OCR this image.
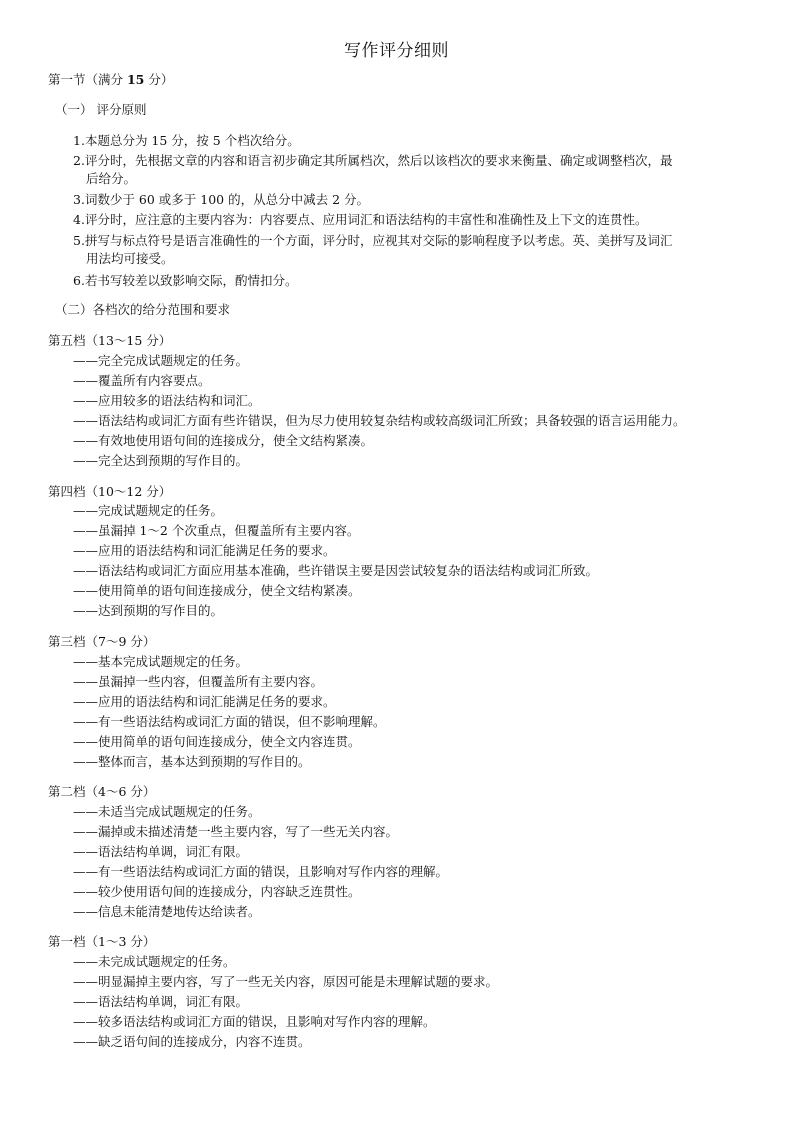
写作评分细则
第一节（满分 15 分）
（一） 评分原则
1.本题总分为 15 分，按 5 个档次给分。
2.评分时，先根据文章的内容和语言初步确定其所属档次，然后以该档次的要求来衡量、确定或调整档次，最
后给分。
3.词数少于 60 或多于 100 的，从总分中减去 2 分。
4.评分时，应注意的主要内容为：内容要点、应用词汇和语法结构的丰富性和准确性及上下文的连贯性。
5.拼写与标点符号是语言准确性的一个方面，评分时，应视其对交际的影响程度予以考虑。英、美拼写及词汇
用法均可接受。
6.若书写较差以致影响交际，酌情扣分。
（二）各档次的给分范围和要求
第五档（13～15 分）
——完全完成试题规定的任务。
——覆盖所有内容要点。
——应用较多的语法结构和词汇。
——语法结构或词汇方面有些许错误，但为尽力使用较复杂结构或较高级词汇所致；具备较强的语言运用能力。
——有效地使用语句间的连接成分，使全文结构紧凑。
——完全达到预期的写作目的。
第四档（10～12 分）
——完成试题规定的任务。
——虽漏掉 1～2 个次重点，但覆盖所有主要内容。
——应用的语法结构和词汇能满足任务的要求。
——语法结构或词汇方面应用基本准确，些许错误主要是因尝试较复杂的语法结构或词汇所致。
——使用简单的语句间连接成分，使全文结构紧凑。
——达到预期的写作目的。
第三档（7～9 分）
——基本完成试题规定的任务。
——虽漏掉一些内容，但覆盖所有主要内容。
——应用的语法结构和词汇能满足任务的要求。
——有一些语法结构或词汇方面的错误，但不影响理解。
——使用简单的语句间连接成分，使全文内容连贯。
——整体而言，基本达到预期的写作目的。
第二档（4～6 分）
——未适当完成试题规定的任务。
——漏掉或未描述清楚一些主要内容，写了一些无关内容。
——语法结构单调，词汇有限。
——有一些语法结构或词汇方面的错误，且影响对写作内容的理解。
——较少使用语句间的连接成分，内容缺乏连贯性。
——信息未能清楚地传达给读者。
第一档（1～3 分）
——未完成试题规定的任务。
——明显漏掉主要内容，写了一些无关内容，原因可能是未理解试题的要求。
——语法结构单调，词汇有限。
——较多语法结构或词汇方面的错误，且影响对写作内容的理解。
——缺乏语句间的连接成分，内容不连贯。
